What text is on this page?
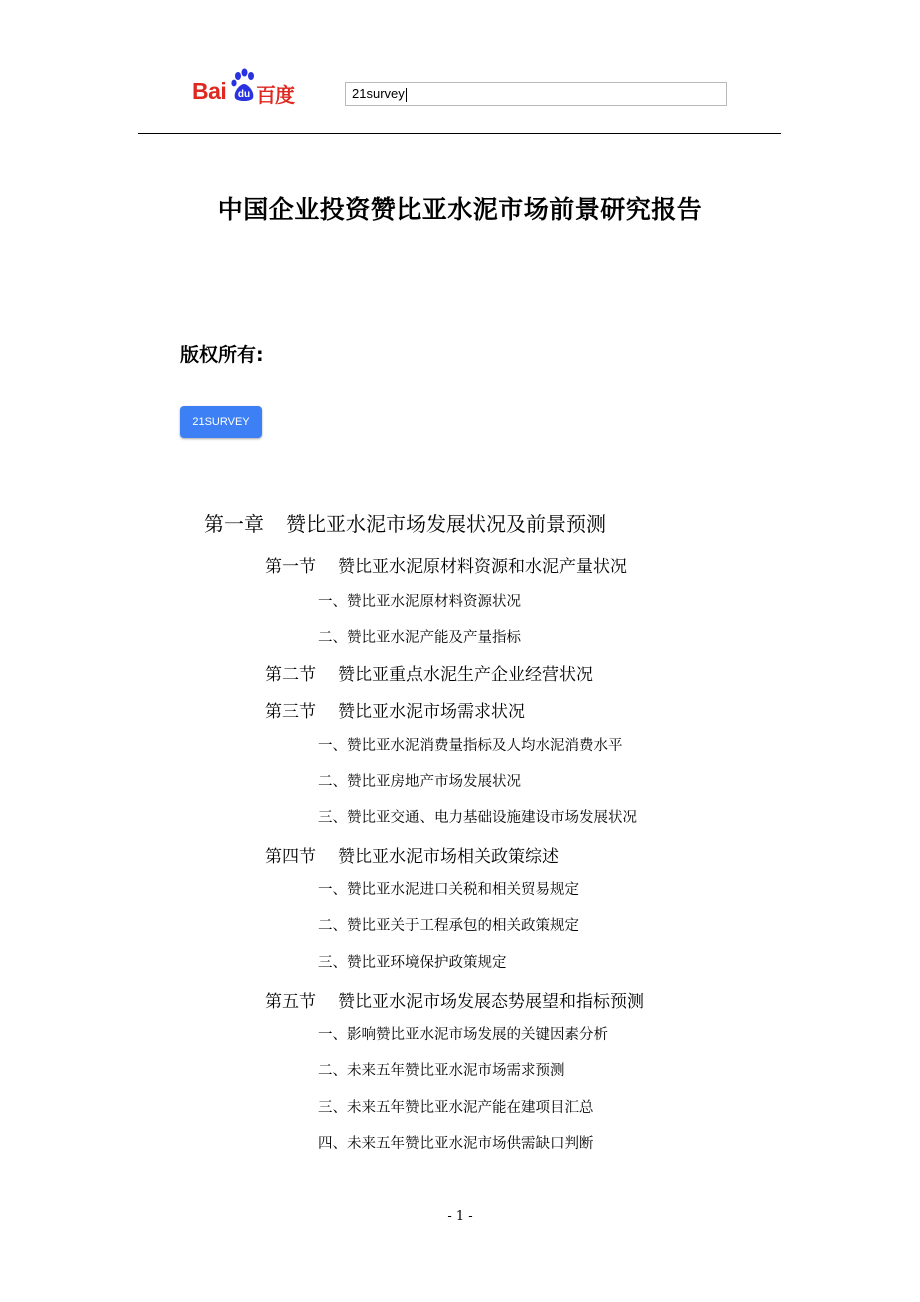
Bai	du 百度	21survey
中国企业投资赞比亚水泥市场前景研究报告
版权所有:
21SURVEY
第一章 赞比亚水泥市场发展状况及前景预测
第一节 赞比亚水泥原材料资源和水泥产量状况
一、赞比亚水泥原材料资源状况
二、赞比亚水泥产能及产量指标
第二节 赞比亚重点水泥生产企业经营状况
第三节 赞比亚水泥市场需求状况
一、赞比亚水泥消费量指标及人均水泥消费水平
二、赞比亚房地产市场发展状况
三、赞比亚交通、电力基础设施建设市场发展状况
第四节 赞比亚水泥市场相关政策综述
一、赞比亚水泥进口关税和相关贸易规定
二、赞比亚关于工程承包的相关政策规定
三、赞比亚环境保护政策规定
第五节 赞比亚水泥市场发展态势展望和指标预测
一、影响赞比亚水泥市场发展的关键因素分析
二、未来五年赞比亚水泥市场需求预测
三、未来五年赞比亚水泥产能在建项目汇总
四、未来五年赞比亚水泥市场供需缺口判断
- 1 -
